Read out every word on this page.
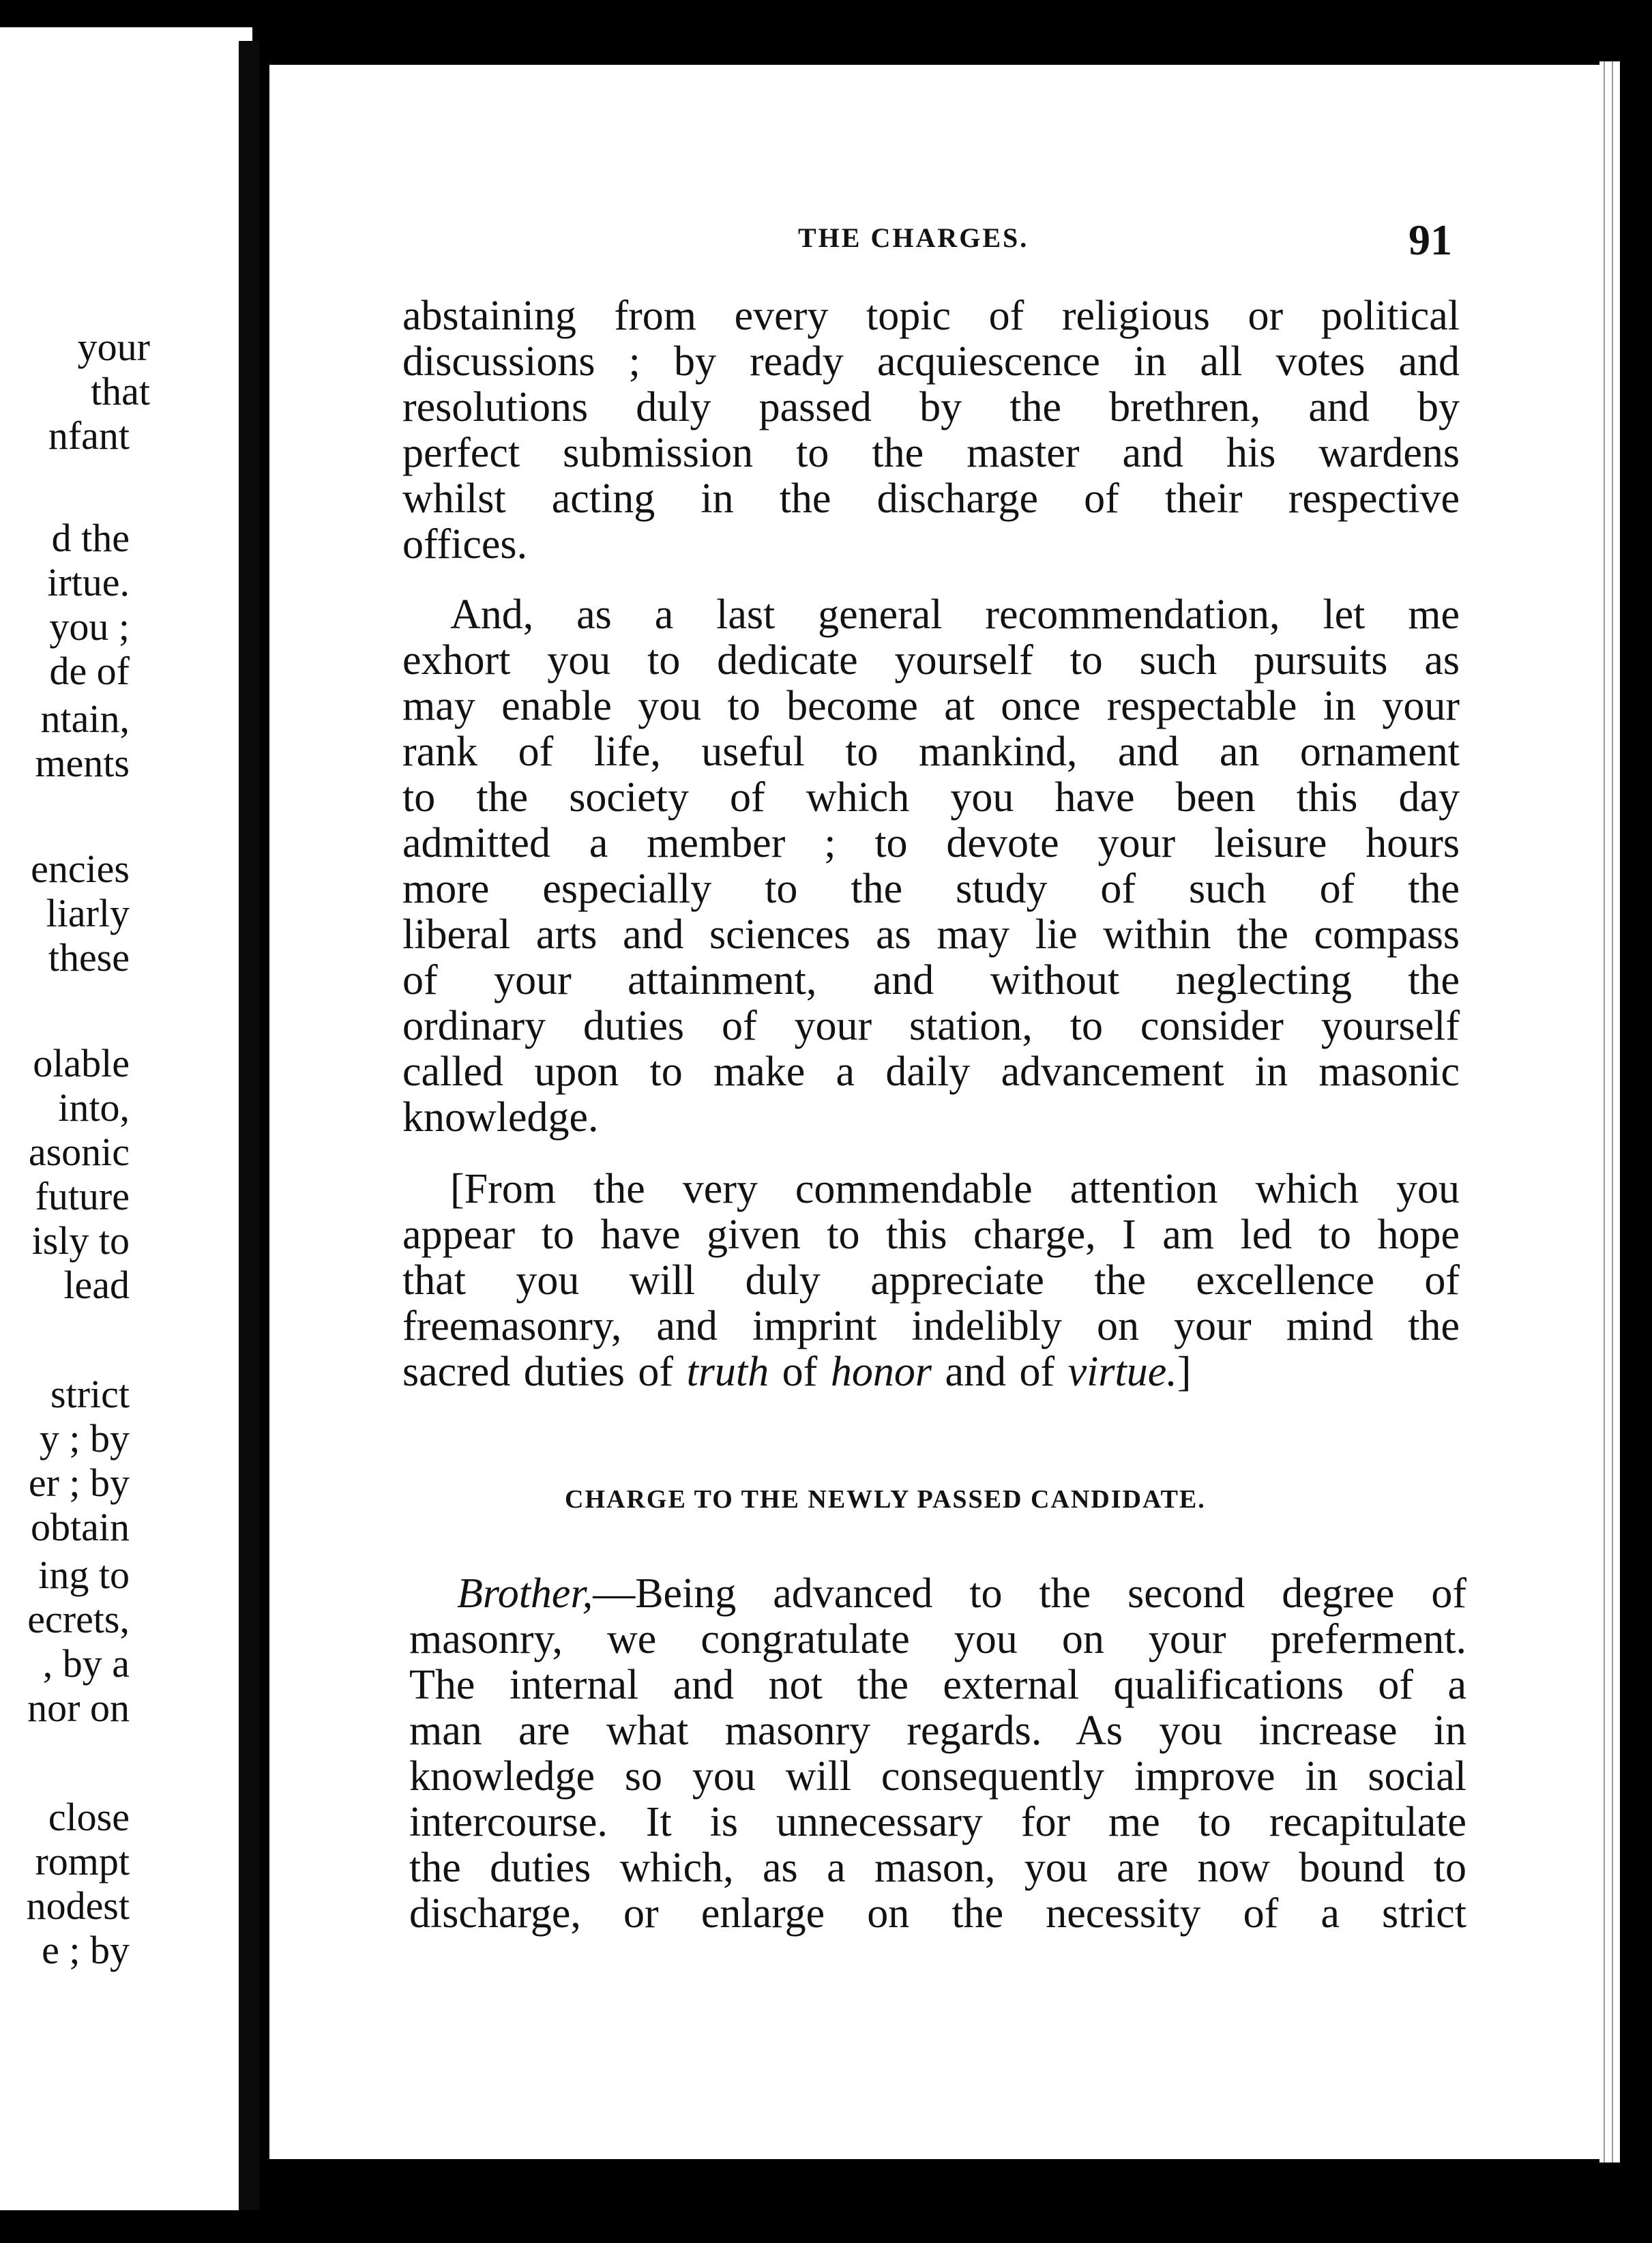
your
that
nfant
d the
irtue.
you ;
de of
ntain,
ments
encies
liarly
these
olable
into,
asonic
future
isly to
lead
strict
y ; by
er ; by
obtain
ing to
ecrets,
, by a
nor on
close
rompt
nodest
e ; by
THE CHARGES.	91
abstaining from every topic of religious or political
discussions ; by ready acquiescence in all votes and
resolutions duly passed by the brethren, and by
perfect submission to the master and his wardens
whilst acting in the discharge of their respective
offices.
And, as a last general recommendation, let me
exhort you to dedicate yourself to such pursuits as
may enable you to become at once respectable in your
rank of life, useful to mankind, and an ornament
to the society of which you have been this day
admitted a member ; to devote your leisure hours
more especially to the study of such of the
liberal arts and sciences as may lie within the compass
of your attainment, and without neglecting the
ordinary duties of your station, to consider yourself
called upon to make a daily advancement in masonic
knowledge.
[From the very commendable attention which you
appear to have given to this charge, I am led to hope
that you will duly appreciate the excellence of
freemasonry, and imprint indelibly on your mind the
sacred duties of truth of honor and of virtue.]
CHARGE TO THE NEWLY PASSED CANDIDATE.
Brother,—Being advanced to the second degree of
masonry, we congratulate you on your preferment.
The internal and not the external qualifications of a
man are what masonry regards. As you increase in
knowledge so you will consequently improve in social
intercourse. It is unnecessary for me to recapitulate
the duties which, as a mason, you are now bound to
discharge, or enlarge on the necessity of a strict
